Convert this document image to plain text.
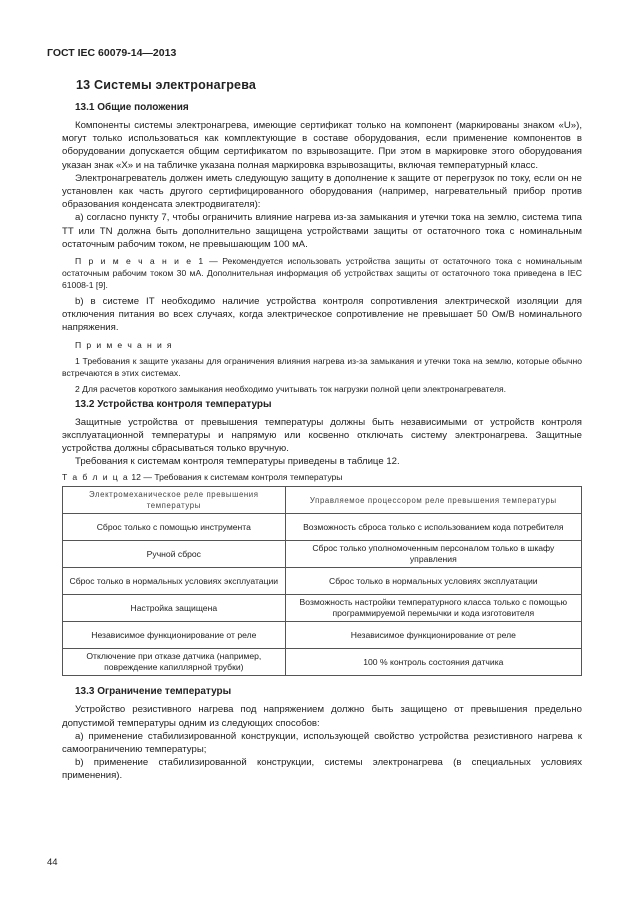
ГОСТ IEC 60079-14—2013
13 Системы электронагрева
13.1 Общие положения

Компоненты системы электронагрева, имеющие сертификат только на компонент (маркированы знаком «U»), могут только использоваться как комплектующие в составе оборудования, если применение компонентов в оборудовании допускается общим сертификатом по взрывозащите. При этом в маркировке этого оборудования указан знак «X» и на табличке указана полная маркировка взрывозащиты, включая температурный класс.

Электронагреватель должен иметь следующую защиту в дополнение к защите от перегрузок по току, если он не установлен как часть другого сертифицированного оборудования (например, нагревательный прибор против образования конденсата электродвигателя):

а) согласно пункту 7, чтобы ограничить влияние нагрева из-за замыкания и утечки тока на землю, система типа TT или TN должна быть дополнительно защищена устройствами защиты от остаточного тока с номинальным остаточным рабочим током, не превышающим 100 мА.

П р и м е ч а н и е 1 — Рекомендуется использовать устройства защиты от остаточного тока с номинальным остаточным рабочим током 30 мА. Дополнительная информация об устройствах защиты от остаточного тока приведена в IEC 61008-1 [9].

b) в системе IT необходимо наличие устройства контроля сопротивления электрической изоляции для отключения питания во всех случаях, когда электрическое сопротивление не превышает 50 Ом/В номинального напряжения.

П р и м е ч а н и я

1 Требования к защите указаны для ограничения влияния нагрева из-за замыкания и утечки тока на землю, которые обычно встречаются в этих системах.

2 Для расчетов короткого замыкания необходимо учитывать ток нагрузки полной цепи электронагревателя.

13.2 Устройства контроля температуры

Защитные устройства от превышения температуры должны быть независимыми от устройств контроля эксплуатационной температуры и напрямую или косвенно отключать систему электронагрева. Защитные устройства должны сбрасываться только вручную.

Требования к системам контроля температуры приведены в таблице 12.

Т а б л и ц а 12 — Требования к системам контроля температуры
Электромеханическое реле превышения температуры	Управляемое процессором реле превышения температуры
Сброс только с помощью инструмента	Возможность сброса только с использованием кода потребителя
Ручной сброс	Сброс только уполномоченным персоналом только в шкафу управления
Сброс только в нормальных условиях эксплуатации	Сброс только в нормальных условиях эксплуатации
Настройка защищена	Возможность настройки температурного класса только с помощью программируемой перемычки и кода изготовителя
Независимое функционирование от реле	Независимое функционирование от реле
Отключение при отказе датчика (например, повреждение капиллярной трубки)	100 % контроль состояния датчика
13.3 Ограничение температуры

Устройство резистивного нагрева под напряжением должно быть защищено от превышения предельно допустимой температуры одним из следующих способов:

а) применение стабилизированной конструкции, использующей свойство устройства резистивного нагрева к самоограничению температуры;

b) применение стабилизированной конструкции, системы электронагрева (в специальных условиях применения).

44
